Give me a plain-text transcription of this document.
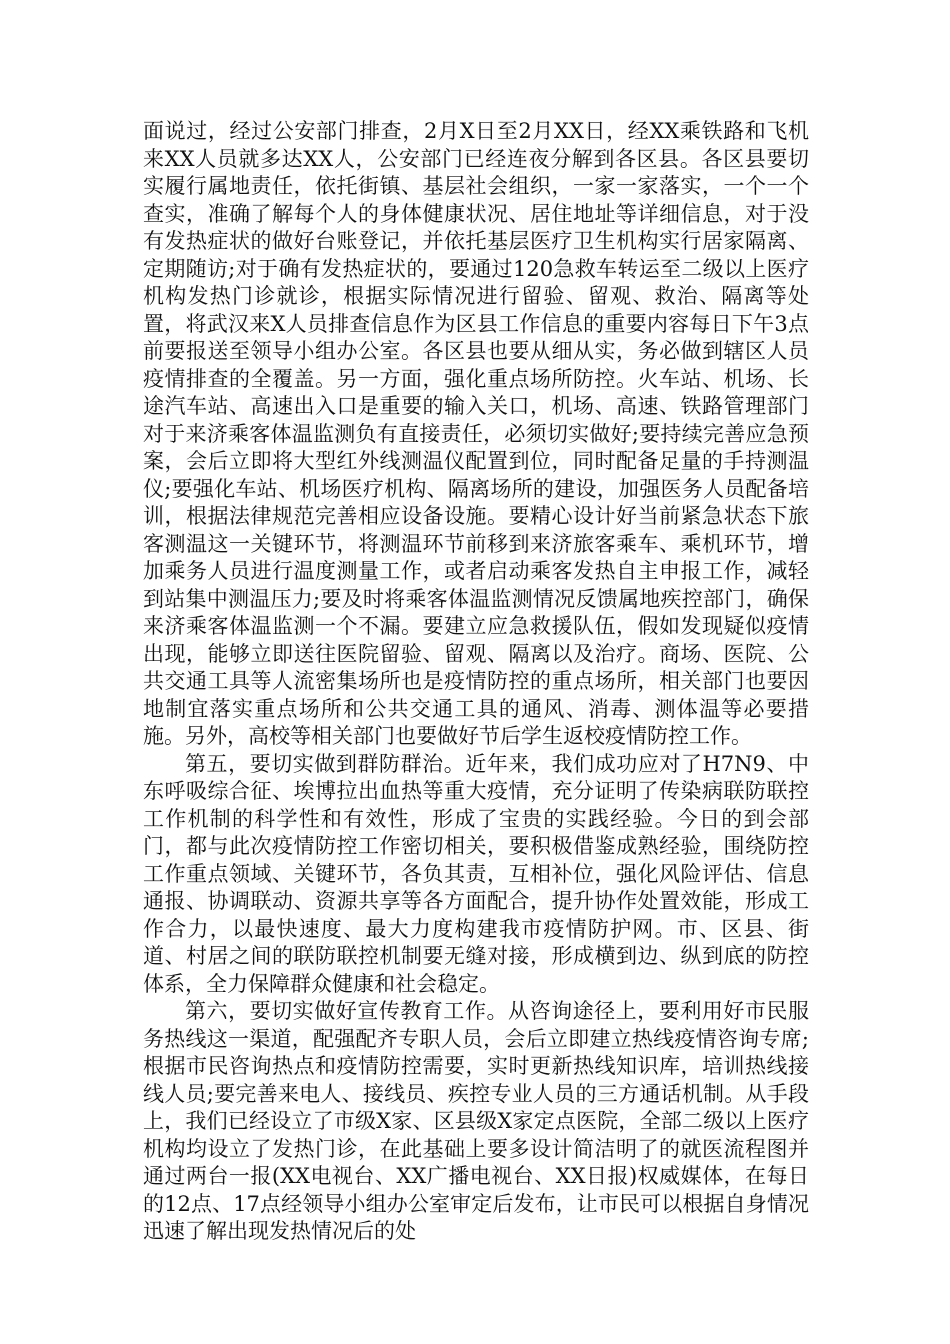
面说过，经过公安部门排查，2月X日至2月XX日，经XX乘铁路和飞机来XX人员就多达XX人，公安部门已经连夜分解到各区县。各区县要切实履行属地责任，依托街镇、基层社会组织，一家一家落实，一个一个查实，准确了解每个人的身体健康状况、居住地址等详细信息，对于没有发热症状的做好台账登记，并依托基层医疗卫生机构实行居家隔离、定期随访;对于确有发热症状的，要通过120急救车转运至二级以上医疗机构发热门诊就诊，根据实际情况进行留验、留观、救治、隔离等处置，将武汉来X人员排查信息作为区县工作信息的重要内容每日下午3点前要报送至领导小组办公室。各区县也要从细从实，务必做到辖区人员疫情排查的全覆盖。另一方面，强化重点场所防控。火车站、机场、长途汽车站、高速出入口是重要的输入关口，机场、高速、铁路管理部门对于来济乘客体温监测负有直接责任，必须切实做好;要持续完善应急预案，会后立即将大型红外线测温仪配置到位，同时配备足量的手持测温仪;要强化车站、机场医疗机构、隔离场所的建设，加强医务人员配备培训，根据法律规范完善相应设备设施。要精心设计好当前紧急状态下旅客测温这一关键环节，将测温环节前移到来济旅客乘车、乘机环节，增加乘务人员进行温度测量工作，或者启动乘客发热自主申报工作，减轻到站集中测温压力;要及时将乘客体温监测情况反馈属地疾控部门，确保来济乘客体温监测一个不漏。要建立应急救援队伍，假如发现疑似疫情出现，能够立即送往医院留验、留观、隔离以及治疗。商场、医院、公共交通工具等人流密集场所也是疫情防控的重点场所，相关部门也要因地制宜落实重点场所和公共交通工具的通风、消毒、测体温等必要措施。另外，高校等相关部门也要做好节后学生返校疫情防控工作。

第五，要切实做到群防群治。近年来，我们成功应对了H7N9、中东呼吸综合征、埃博拉出血热等重大疫情，充分证明了传染病联防联控工作机制的科学性和有效性，形成了宝贵的实践经验。今日的到会部门，都与此次疫情防控工作密切相关，要积极借鉴成熟经验，围绕防控工作重点领域、关键环节，各负其责，互相补位，强化风险评估、信息通报、协调联动、资源共享等各方面配合，提升协作处置效能，形成工作合力，以最快速度、最大力度构建我市疫情防护网。市、区县、街道、村居之间的联防联控机制要无缝对接，形成横到边、纵到底的防控体系，全力保障群众健康和社会稳定。

第六，要切实做好宣传教育工作。从咨询途径上，要利用好市民服务热线这一渠道，配强配齐专职人员，会后立即建立热线疫情咨询专席;根据市民咨询热点和疫情防控需要，实时更新热线知识库，培训热线接线人员;要完善来电人、接线员、疾控专业人员的三方通话机制。从手段上，我们已经设立了市级X家、区县级X家定点医院，全部二级以上医疗机构均设立了发热门诊，在此基础上要多设计简洁明了的就医流程图并通过两台一报(XX电视台、XX广播电视台、XX日报)权威媒体，在每日的12点、17点经领导小组办公室审定后发布，让市民可以根据自身情况迅速了解出现发热情况后的处
